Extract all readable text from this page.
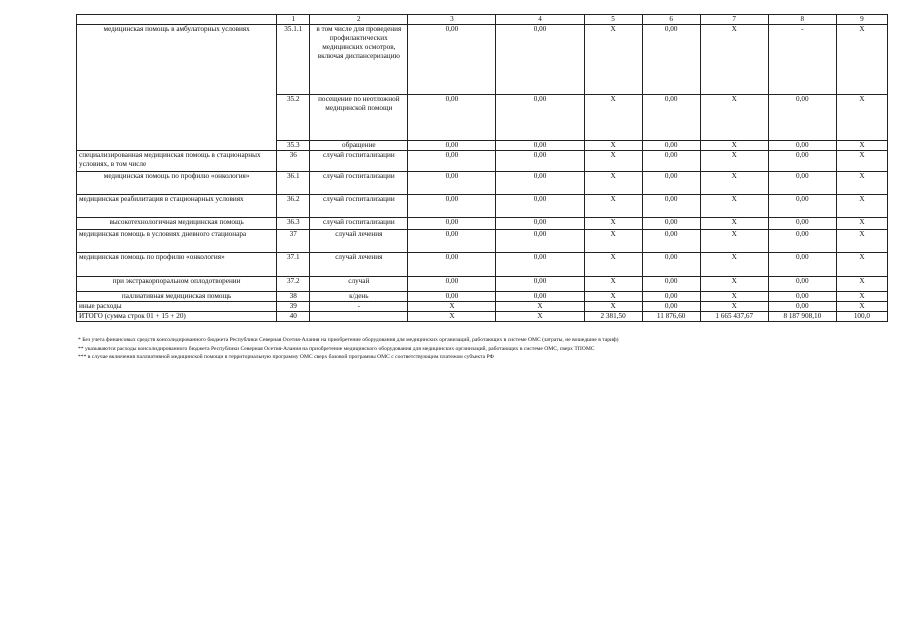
	1	2	3	4	5	6	7	8	9
медицинская помощь в амбулаторных условиях	35.1.1	в том числе для проведения профилактических медицинских осмотров, включая диспансеризацию	0,00	0,00	X	0,00	X	-	X
	35.2	посещение по неотложной медицинской помощи	0,00	0,00	X	0,00	X	0,00	X
	35.3	обращение	0,00	0,00	X	0,00	X	0,00	X
специализированная медицинская помощь в стационарных условиях, в том числе	36	случай госпитализации	0,00	0,00	X	0,00	X	0,00	X
медицинская помощь по профилю «онкология»	36.1	случай госпитализации	0,00	0,00	X	0,00	X	0,00	X
медицинская реабилитация в стационарных условиях	36.2	случай госпитализации	0,00	0,00	X	0,00	X	0,00	X
высокотехнологичная медицинская помощь	36.3	случай госпитализации	0,00	0,00	X	0,00	X	0,00	X
медицинская помощь в условиях дневного стационара	37	случай лечения	0,00	0,00	X	0,00	X	0,00	X
медицинская помощь по профилю «онкология»	37.1	случай лечения	0,00	0,00	X	0,00	X	0,00	X
при экстракорпоральном оплодотворении	37.2	случай	0,00	0,00	X	0,00	X	0,00	X
паллиативная медицинская помощь	38	к/день	0,00	0,00	X	0,00	X	0,00	X
иные расходы	39	-	X	X	X	0,00	X	0,00	X
ИТОГО (сумма строк 01 + 15 + 20)	40		X	X	2 381,50	11 876,60	1 665 437,67	8 187 908,10	100,0
* Без учета финансовых средств консолидированного бюджета Республики Северная Осетия-Алания на приобретение оборудования для медицинских организаций, работающих в системе ОМС (затраты, не вошедшие в тариф)
** указываются расходы консолидированного бюджета Республики Северная Осетия-Алания на приобретение медицинского оборудования для медицинских организаций, работающих в системе ОМС, сверх ТПОМС
*** в случае включения паллиативной медицинской помощи в территориальную программу ОМС сверх базовой программы ОМС с соответствующим платежом субъекта РФ
